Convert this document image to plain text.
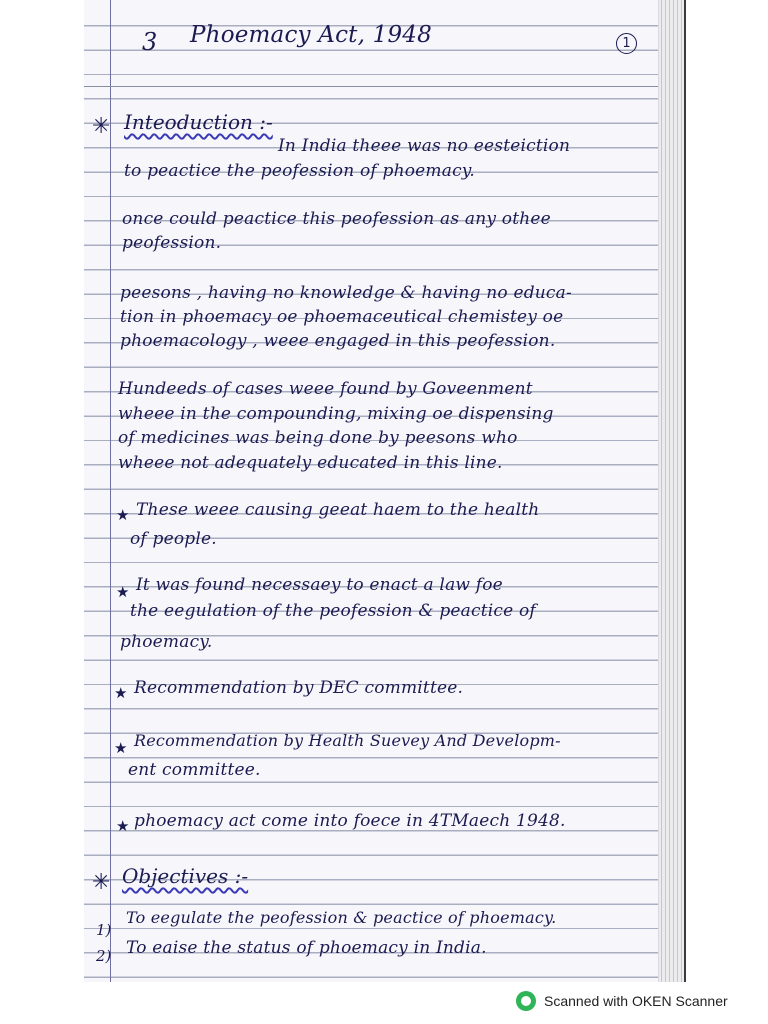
3 Phoemacy Act, 1948	1
✳ Inteoduction :-

In India theee was no eesteiction

to peactice the peofession of phoemacy.

once could peactice this peofession as any othee

peofession.

peesons , having no knowledge & having no educa-

tion in phoemacy oe phoemaceutical chemistey oe

phoemacology , weee engaged in this peofession.

Hundeeds of cases weee found by Goveenment

wheee in the compounding, mixing oe dispensing

of medicines was being done by peesons who

wheee not adequately educated in this line.

★ These weee causing geeat haem to the health

of people.

★ It was found necessaey to enact a law foe

the eegulation of the peofession & peactice of

phoemacy.

★ Recommendation by DEC committee.

★ Recommendation by Health Suevey And Developm-

ent committee.

★ phoemacy act come into foece in 4TMaech 1948.

✳ Objectives :-

1)

To eegulate the peofession & peactice of phoemacy.

2) To eaise the status of phoemacy in India.

Scanned with OKEN Scanner
